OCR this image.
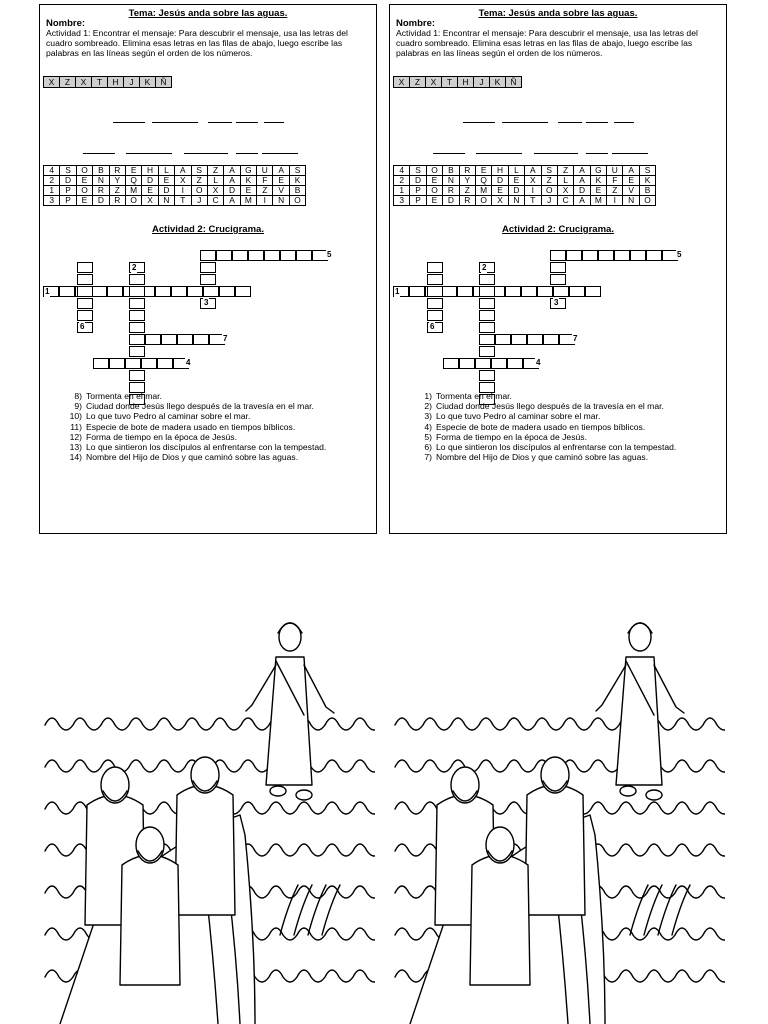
Tema: Jesús anda sobre las aguas.
Nombre:
Actividad 1: Encontrar el mensaje: Para descubrir el mensaje, usa las letras del cuadro sombreado. Elimina esas letras en las filas de abajo, luego escribe las palabras en las líneas según el orden de los números.
X	Z	X	T	H	J	K	Ñ
4	S	O	B	R	E	H	L	A	S	Z	A	G	U	A	S
2	D	E	N	Y	Q	D	E	X	Z	L	A	K	F	E	K
1	P	O	R	Z	M	E	D	I	O	X	D	E	Z	V	B
3	P	E	D	R	O	X	N	T	J	C	A	M	I	N	O
Actividad 2: Crucigrama.
5
2
1
3
6
7
4
8) Tormenta en el mar.
9) Ciudad donde Jesús llego después de la travesía en el mar.
10) Lo que tuvo Pedro al caminar sobre el mar.
11) Especie de bote de madera usado en tiempos bíblicos.
12) Forma de tiempo en la época de Jesús.
13) Lo que sintieron los discípulos al enfrentarse con la tempestad.
14) Nombre del Hijo de Dios y que caminó sobre las aguas.
Tema: Jesús anda sobre las aguas.
Nombre:
Actividad 1: Encontrar el mensaje: Para descubrir el mensaje, usa las letras del cuadro sombreado. Elimina esas letras en las filas de abajo, luego escribe las palabras en las líneas según el orden de los números.
X	Z	X	T	H	J	K	Ñ
4	S	O	B	R	E	H	L	A	S	Z	A	G	U	A	S
2	D	E	N	Y	Q	D	E	X	Z	L	A	K	F	E	K
1	P	O	R	Z	M	E	D	I	O	X	D	E	Z	V	B
3	P	E	D	R	O	X	N	T	J	C	A	M	I	N	O
Actividad 2: Crucigrama.
5
2
1
3
6
7
4
1) Tormenta en el mar.
2) Ciudad donde Jesús llego después de la travesía en el mar.
3) Lo que tuvo Pedro al caminar sobre el mar.
4) Especie de bote de madera usado en tiempos bíblicos.
5) Forma de tiempo en la época de Jesús.
6) Lo que sintieron los discípulos al enfrentarse con la tempestad.
7) Nombre del Hijo de Dios y que caminó sobre las aguas.
